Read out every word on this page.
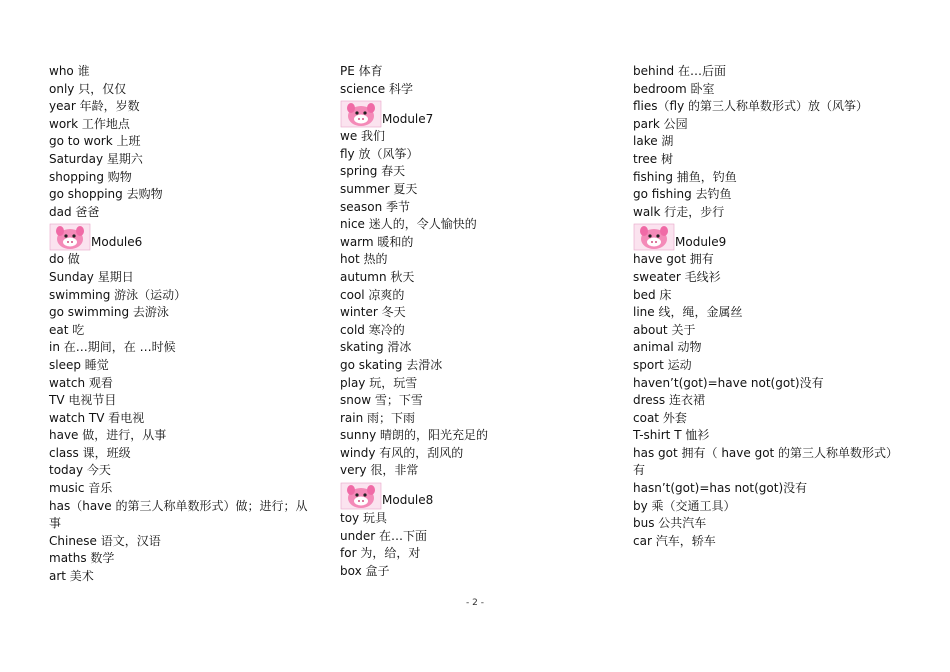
who 谁
only 只，仅仅
year 年龄，岁数
work 工作地点
go to work 上班
Saturday 星期六
shopping 购物
go shopping 去购物
dad 爸爸
Module6
do 做
Sunday 星期日
swimming 游泳（运动）
go swimming 去游泳
eat 吃
in 在…期间，在 …时候
sleep 睡觉
watch 观看
TV 电视节目
watch TV 看电视
have 做，进行，从事
class 课，班级
today 今天
music 音乐
has（have 的第三人称单数形式）做；进行；从事
Chinese 语文，汉语
maths 数学
art 美术
PE 体育
science 科学
Module7
we 我们
fly 放（风筝）
spring 春天
summer 夏天
season 季节
nice 迷人的，令人愉快的
warm 暖和的
hot 热的
autumn 秋天
cool 凉爽的
winter 冬天
cold 寒冷的
skating 滑冰
go skating 去滑冰
play 玩，玩雪
snow 雪；下雪
rain 雨；下雨
sunny 晴朗的，阳光充足的
windy 有风的，刮风的
very 很，非常
Module8
toy 玩具
under 在…下面
for 为，给，对
box 盒子
behind 在…后面
bedroom 卧室
flies（fly 的第三人称单数形式）放（风筝）
park 公园
lake 湖
tree 树
fishing 捕鱼，钓鱼
go fishing 去钓鱼
walk 行走，步行
Module9
have got 拥有
sweater 毛线衫
bed 床
line 线，绳，金属丝
about 关于
animal 动物
sport 运动
haven’t(got)=have not(got)没有
dress 连衣裙
coat 外套
T-shirt T 恤衫
has got 拥有（ have got 的第三人称单数形式）有
hasn’t(got)=has not(got)没有
by 乘（交通工具）
bus 公共汽车
car 汽车，轿车
- 2 -
